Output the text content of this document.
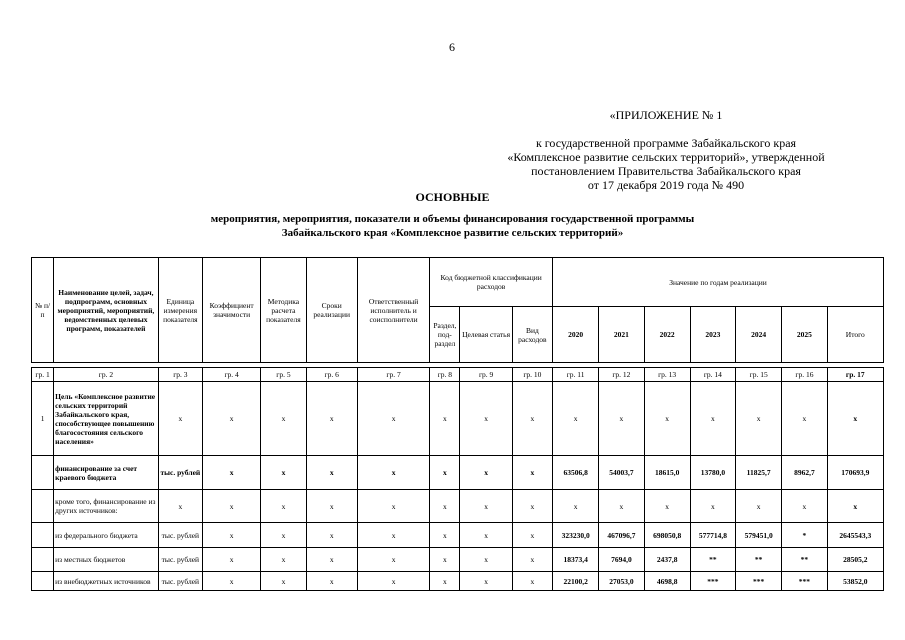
6
«ПРИЛОЖЕНИЕ № 1
к государственной программе Забайкальского края
«Комплексное развитие сельских территорий», утвержденной
постановлением Правительства Забайкальского края
от 17 декабря 2019 года № 490
ОСНОВНЫЕ
мероприятия, мероприятия, показатели и объемы финансирования государственной программы
Забайкальского края «Комплексное развитие сельских территорий»
№ п/п	Наименование целей, задач, подпрограмм, основных мероприятий, мероприятий, ведомственных целевых программ, показателей	Единица измерения показателя	Коэффициент значимости	Методика расчета показателя	Сроки реализации	Ответственный исполнитель и соисполнители	Код бюджетной классификации расходов			Значение по годам реализации						
							Раздел, под-раздел	Целевая статья	Вид расходов	2020	2021	2022	2023	2024	2025	Итого

гр. 1	гр. 2	гр. 3	гр. 4	гр. 5	гр. 6	гр. 7	гр. 8	гр. 9	гр. 10	гр. 11	гр. 12	гр. 13	гр. 14	гр. 15	гр. 16	гр. 17
1	Цель «Комплексное развитие сельских территорий Забайкальского края, способствующее повышению благосостояния сельского населения»	х	х	х	х	х	х	х	х	х	х	х	х	х	х	х
	финансирование за счет краевого бюджета	тыс. рублей	х	х	х	х	х	х	х	63506,8	54003,7	18615,0	13780,0	11825,7	8962,7	170693,9
	кроме того, финансирование из других источников:	х	х	х	х	х	х	х	х	х	х	х	х	х	х	х
	из федерального бюджета	тыс. рублей	х	х	х	х	х	х	х	323230,0	467096,7	698050,8	577714,8	579451,0	*	2645543,3
	из местных бюджетов	тыс. рублей	х	х	х	х	х	х	х	18373,4	7694,0	2437,8	**	**	**	28505,2
	из внебюджетных источников	тыс. рублей	х	х	х	х	х	х	х	22100,2	27053,0	4698,8	***	***	***	53852,0
